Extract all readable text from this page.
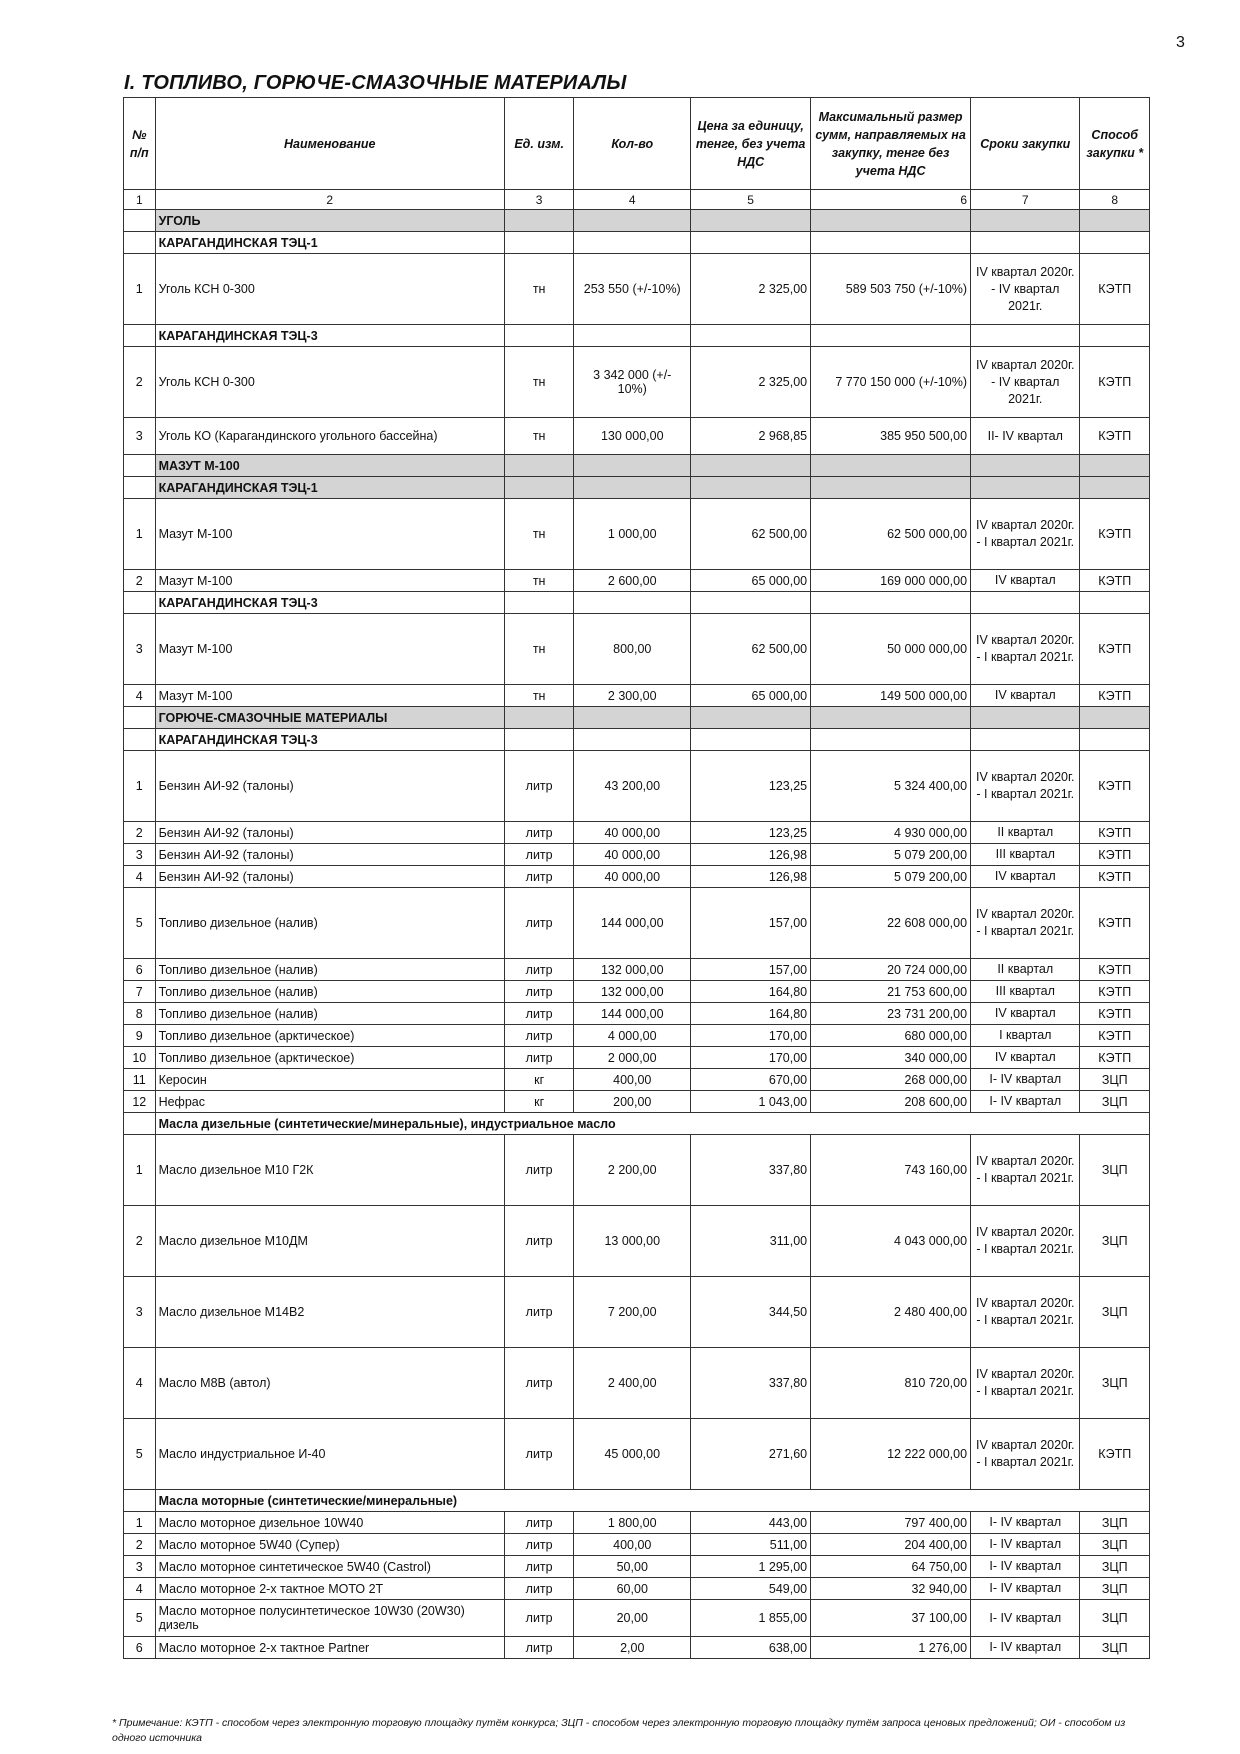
3
I. ТОПЛИВО, ГОРЮЧЕ-СМАЗОЧНЫЕ МАТЕРИАЛЫ
№ п/п	Наименование	Ед. изм.	Кол-во	Цена за единицу, тенге, без учета НДС	Максимальный размер сумм, направляемых на закупку, тенге без учета НДС	Сроки закупки	Способ закупки *
1	2	3	4	5	6	7	8
	УГОЛЬ						
	КАРАГАНДИНСКАЯ ТЭЦ-1						
1	Уголь КСН 0-300	тн	253 550 (+/-10%)	2 325,00	589 503 750 (+/-10%)	IV квартал 2020г. - IV квартал 2021г.	КЭТП
	КАРАГАНДИНСКАЯ ТЭЦ-3						
2	Уголь КСН 0-300	тн	3 342 000 (+/- 10%)	2 325,00	7 770 150 000 (+/-10%)	IV квартал 2020г. - IV квартал 2021г.	КЭТП
3	Уголь КО (Карагандинского угольного бассейна)	тн	130 000,00	2 968,85	385 950 500,00	II- IV квартал	КЭТП
	МАЗУТ М-100						
	КАРАГАНДИНСКАЯ ТЭЦ-1						
1	Мазут М-100	тн	1 000,00	62 500,00	62 500 000,00	IV квартал 2020г. - I квартал 2021г.	КЭТП
2	Мазут М-100	тн	2 600,00	65 000,00	169 000 000,00	IV квартал	КЭТП
	КАРАГАНДИНСКАЯ ТЭЦ-3						
3	Мазут М-100	тн	800,00	62 500,00	50 000 000,00	IV квартал 2020г. - I квартал 2021г.	КЭТП
4	Мазут М-100	тн	2 300,00	65 000,00	149 500 000,00	IV квартал	КЭТП
	ГОРЮЧЕ-СМАЗОЧНЫЕ МАТЕРИАЛЫ						
	КАРАГАНДИНСКАЯ ТЭЦ-3						
1	Бензин АИ-92 (талоны)	литр	43 200,00	123,25	5 324 400,00	IV квартал 2020г. - I квартал 2021г.	КЭТП
2	Бензин АИ-92 (талоны)	литр	40 000,00	123,25	4 930 000,00	II квартал	КЭТП
3	Бензин АИ-92 (талоны)	литр	40 000,00	126,98	5 079 200,00	III квартал	КЭТП
4	Бензин АИ-92 (талоны)	литр	40 000,00	126,98	5 079 200,00	IV квартал	КЭТП
5	Топливо дизельное (налив)	литр	144 000,00	157,00	22 608 000,00	IV квартал 2020г. - I квартал 2021г.	КЭТП
6	Топливо дизельное (налив)	литр	132 000,00	157,00	20 724 000,00	II квартал	КЭТП
7	Топливо дизельное (налив)	литр	132 000,00	164,80	21 753 600,00	III квартал	КЭТП
8	Топливо дизельное (налив)	литр	144 000,00	164,80	23 731 200,00	IV квартал	КЭТП
9	Топливо дизельное (арктическое)	литр	4 000,00	170,00	680 000,00	I квартал	КЭТП
10	Топливо дизельное (арктическое)	литр	2 000,00	170,00	340 000,00	IV квартал	КЭТП
11	Керосин	кг	400,00	670,00	268 000,00	I- IV квартал	ЗЦП
12	Нефрас	кг	200,00	1 043,00	208 600,00	I- IV квартал	ЗЦП
	Масла дизельные (синтетические/минеральные), индустриальное масло						
1	Масло дизельное М10 Г2К	литр	2 200,00	337,80	743 160,00	IV квартал 2020г. - I квартал 2021г.	ЗЦП
2	Масло дизельное М10ДМ	литр	13 000,00	311,00	4 043 000,00	IV квартал 2020г. - I квартал 2021г.	ЗЦП
3	Масло дизельное М14В2	литр	7 200,00	344,50	2 480 400,00	IV квартал 2020г. - I квартал 2021г.	ЗЦП
4	Масло М8В (автол)	литр	2 400,00	337,80	810 720,00	IV квартал 2020г. - I квартал 2021г.	ЗЦП
5	Масло индустриальное И-40	литр	45 000,00	271,60	12 222 000,00	IV квартал 2020г. - I квартал 2021г.	КЭТП
	Масла моторные (синтетические/минеральные)						
1	Масло моторное дизельное 10W40	литр	1 800,00	443,00	797 400,00	I- IV квартал	ЗЦП
2	Масло моторное 5W40 (Супер)	литр	400,00	511,00	204 400,00	I- IV квартал	ЗЦП
3	Масло моторное синтетическое 5W40 (Castrol)	литр	50,00	1 295,00	64 750,00	I- IV квартал	ЗЦП
4	Масло моторное 2-х тактное МОТО 2Т	литр	60,00	549,00	32 940,00	I- IV квартал	ЗЦП
5	Масло моторное полусинтетическое 10W30 (20W30) дизель	литр	20,00	1 855,00	37 100,00	I- IV квартал	ЗЦП
6	Масло моторное 2-х тактное Partner	литр	2,00	638,00	1 276,00	I- IV квартал	ЗЦП
* Примечание: КЭТП - способом через электронную торговую площадку путём конкурса; ЗЦП - способом через электронную торговую площадку путём запроса ценовых предложений; ОИ - способом из одного источника
